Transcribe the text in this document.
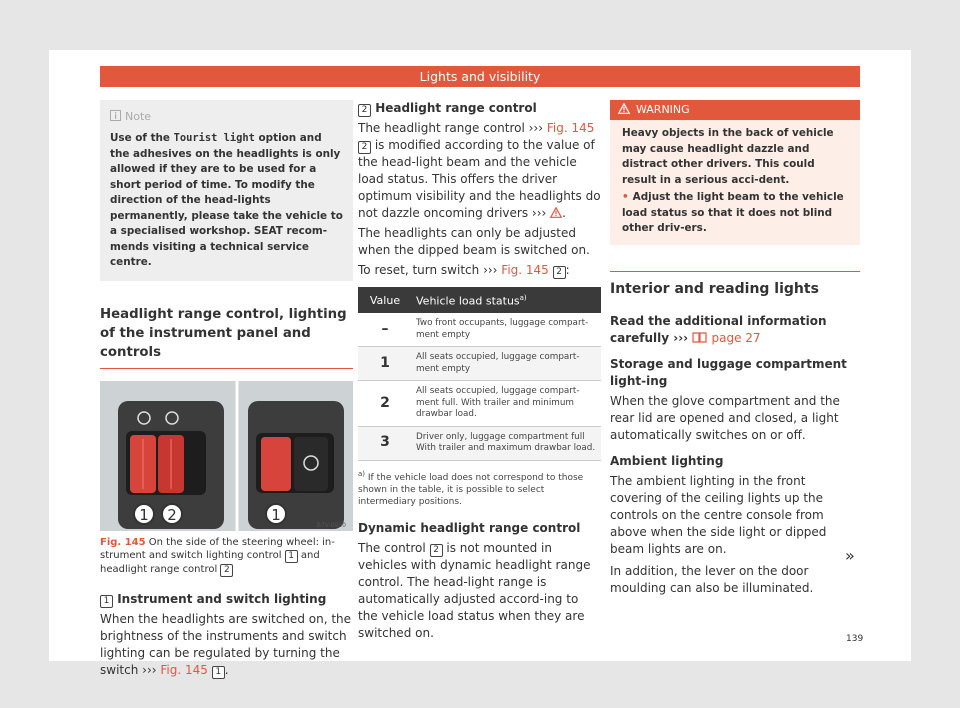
Lights and visibility
Note

Use of the Tourist light option and the adhesives on the headlights is only allowed if they are to be used for a short period of time. To modify the direction of the head-lights permanently, please take the vehicle to a specialised workshop. SEAT recom-mends visiting a technical service centre.

Headlight range control, lighting of the instrument panel and controls
1 2	1
B7V-0930
Fig. 145 On the side of the steering wheel: in-strument and switch lighting control 1 and headlight range control 2
1 Instrument and switch lighting

When the headlights are switched on, the brightness of the instruments and switch lighting can be regulated by turning the switch ››› Fig. 145 1 .

2 Headlight range control

The headlight range control ››› Fig. 145 2 is modified according to the value of the head-light beam and the vehicle load status. This offers the driver optimum visibility and the headlights do not dazzle oncoming drivers ››› .

The headlights can only be adjusted when the dipped beam is switched on.

To reset, turn switch ››› Fig. 145 2 :

Value	Vehicle load status$^{a)}$
–	Two front occupants, luggage compart-ment empty
1	All seats occupied, luggage compart-ment empty
2	All seats occupied, luggage compart-ment full. With trailer and minimum drawbar load.
3	Driver only, luggage compartment full With trailer and maximum drawbar load.
$^{a)}$ If the vehicle load does not correspond to those shown in the table, it is possible to select intermediary positions.
Dynamic headlight range control

The control 2 is not mounted in vehicles with dynamic headlight range control. The head-light range is automatically adjusted accord-ing to the vehicle load status when they are switched on.

WARNING

Heavy objects in the back of vehicle may cause headlight dazzle and distract other drivers. This could result in a serious acci-dent.

• Adjust the light beam to the vehicle load status so that it does not blind other driv-ers.

Interior and reading lights
Read the additional information carefully ››› page 27
Storage and luggage compartment light-ing

When the glove compartment and the rear lid are opened and closed, a light automatically switches on or off.

Ambient lighting

The ambient lighting in the front covering of the ceiling lights up the controls on the centre console from above when the side light or dipped beam lights are on.

In addition, the lever on the door moulding can also be illuminated.

»
139
